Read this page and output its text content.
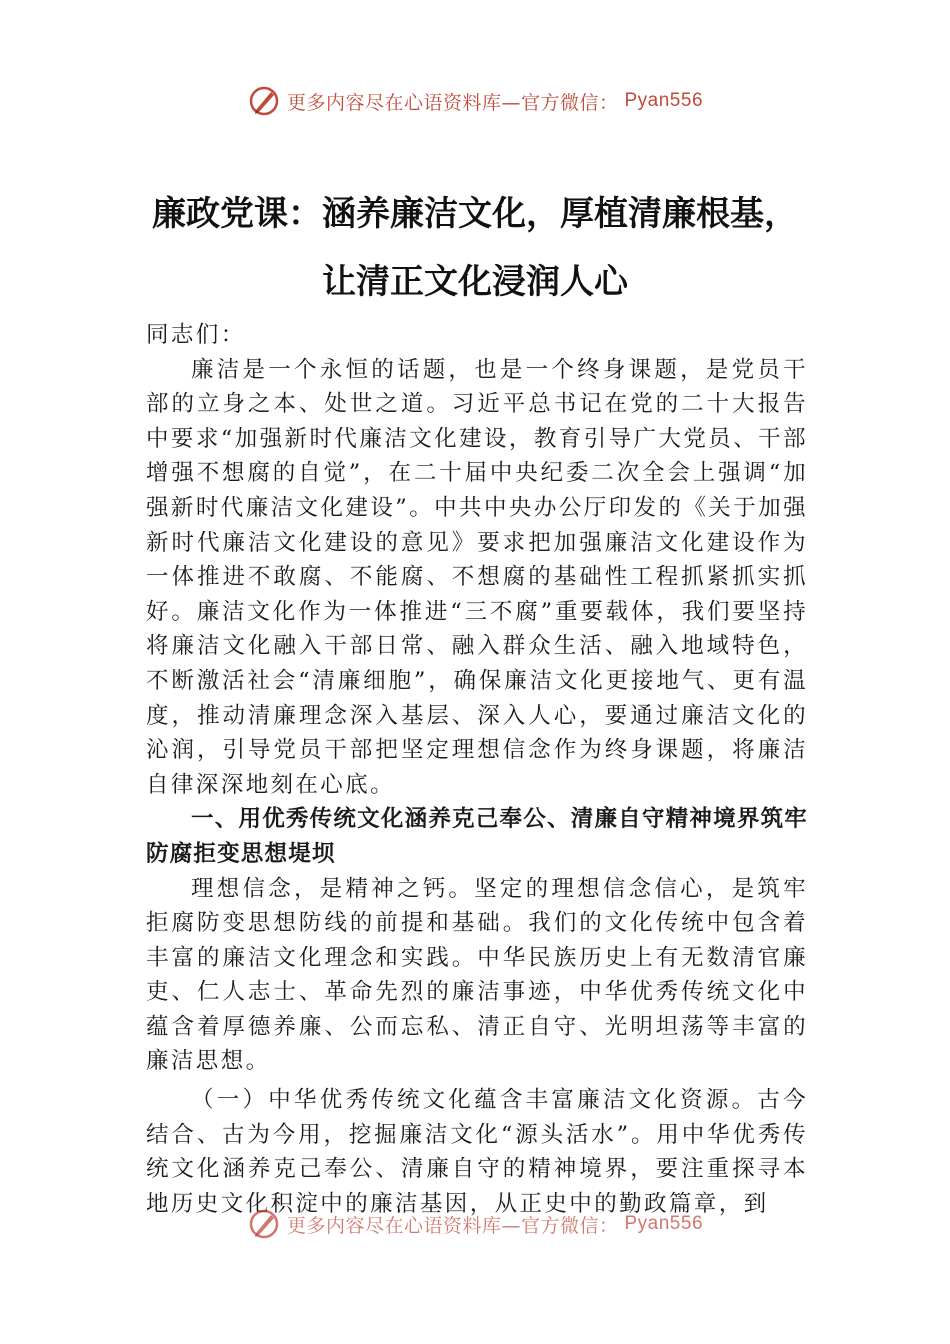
更多内容尽在心语资料库—官方微信： Pyan556
廉政党课：涵养廉洁文化，厚植清廉根基，
让清正文化浸润人心

同志们：

廉洁是一个永恒的话题，也是一个终身课题，是党员干部的立身之本、处世之道。习近平总书记在党的二十大报告中要求“加强新时代廉洁文化建设，教育引导广大党员、干部增强不想腐的自觉”，在二十届中央纪委二次全会上强调“加强新时代廉洁文化建设”。中共中央办公厅印发的《关于加强新时代廉洁文化建设的意见》要求把加强廉洁文化建设作为一体推进不敢腐、不能腐、不想腐的基础性工程抓紧抓实抓好。廉洁文化作为一体推进“三不腐”重要载体，我们要坚持将廉洁文化融入干部日常、融入群众生活、融入地域特色，不断激活社会“清廉细胞”，确保廉洁文化更接地气、更有温度，推动清廉理念深入基层、深入人心，要通过廉洁文化的沁润，引导党员干部把坚定理想信念作为终身课题，将廉洁自律深深地刻在心底。

一、用优秀传统文化涵养克己奉公、清廉自守精神境界筑牢防腐拒变思想堤坝

理想信念，是精神之钙。坚定的理想信念信心，是筑牢拒腐防变思想防线的前提和基础。我们的文化传统中包含着丰富的廉洁文化理念和实践。中华民族历史上有无数清官廉吏、仁人志士、革命先烈的廉洁事迹，中华优秀传统文化中蕴含着厚德养廉、公而忘私、清正自守、光明坦荡等丰富的廉洁思想。

（一）中华优秀传统文化蕴含丰富廉洁文化资源。古今结合、古为今用，挖掘廉洁文化“源头活水”。用中华优秀传统文化涵养克己奉公、清廉自守的精神境界，要注重探寻本地历史文化积淀中的廉洁基因，从正史中的勤政篇章，到

更多内容尽在心语资料库—官方微信： Pyan556
